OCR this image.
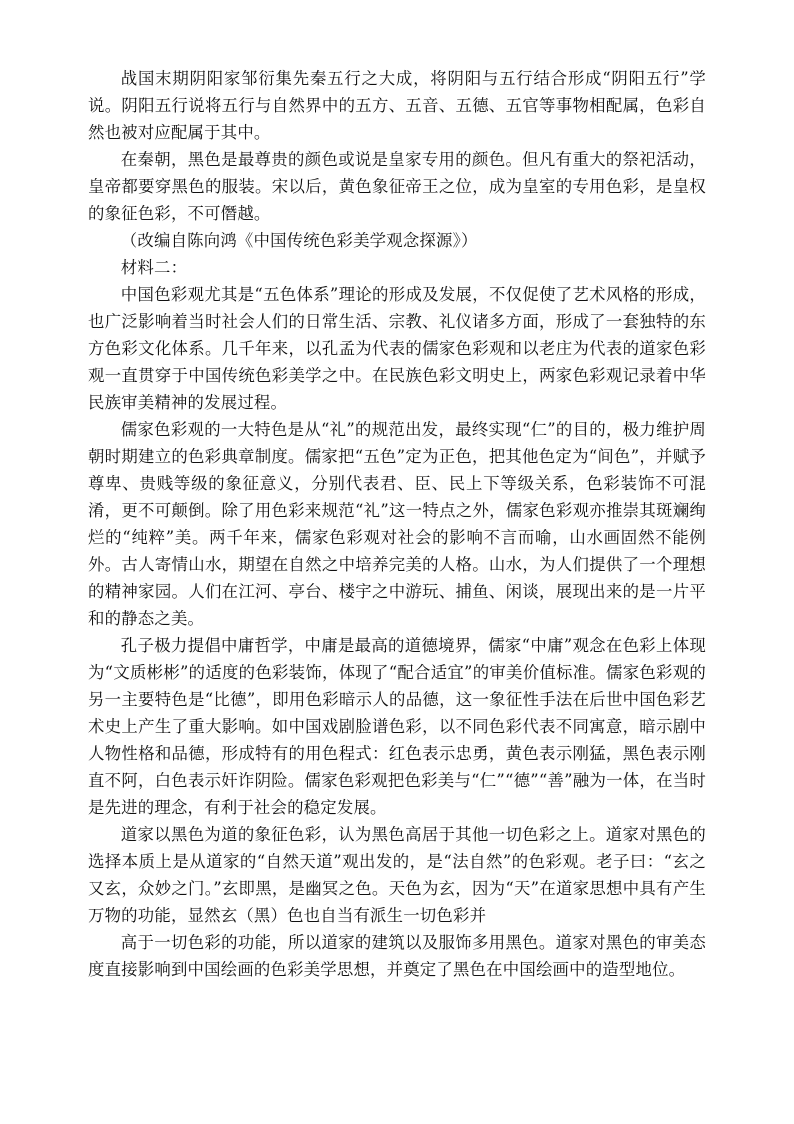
战国末期阴阳家邹衍集先秦五行之大成，将阴阳与五行结合形成“阴阳五行”学说。阴阳五行说将五行与自然界中的五方、五音、五德、五官等事物相配属，色彩自然也被对应配属于其中。

在秦朝，黑色是最尊贵的颜色或说是皇家专用的颜色。但凡有重大的祭祀活动，皇帝都要穿黑色的服装。宋以后，黄色象征帝王之位，成为皇室的专用色彩，是皇权的象征色彩，不可僭越。

（改编自陈向鸿《中国传统色彩美学观念探源》）

材料二：

中国色彩观尤其是“五色体系”理论的形成及发展，不仅促使了艺术风格的形成，也广泛影响着当时社会人们的日常生活、宗教、礼仪诸多方面，形成了一套独特的东方色彩文化体系。几千年来，以孔孟为代表的儒家色彩观和以老庄为代表的道家色彩观一直贯穿于中国传统色彩美学之中。在民族色彩文明史上，两家色彩观记录着中华民族审美精神的发展过程。

儒家色彩观的一大特色是从“礼”的规范出发，最终实现“仁”的目的，极力维护周朝时期建立的色彩典章制度。儒家把“五色”定为正色，把其他色定为“间色”，并赋予尊卑、贵贱等级的象征意义，分别代表君、臣、民上下等级关系，色彩装饰不可混淆，更不可颠倒。除了用色彩来规范“礼”这一特点之外，儒家色彩观亦推崇其斑斓绚烂的“纯粹”美。两千年来，儒家色彩观对社会的影响不言而喻，山水画固然不能例外。古人寄情山水，期望在自然之中培养完美的人格。山水，为人们提供了一个理想的精神家园。人们在江河、亭台、楼宇之中游玩、捕鱼、闲谈，展现出来的是一片平和的静态之美。

孔子极力提倡中庸哲学，中庸是最高的道德境界，儒家“中庸”观念在色彩上体现为“文质彬彬”的适度的色彩装饰，体现了“配合适宜”的审美价值标准。儒家色彩观的另一主要特色是“比德”，即用色彩暗示人的品德，这一象征性手法在后世中国色彩艺术史上产生了重大影响。如中国戏剧脸谱色彩，以不同色彩代表不同寓意，暗示剧中人物性格和品德，形成特有的用色程式：红色表示忠勇，黄色表示刚猛，黑色表示刚直不阿，白色表示奸诈阴险。儒家色彩观把色彩美与“仁”“德”“善”融为一体，在当时是先进的理念，有利于社会的稳定发展。

道家以黑色为道的象征色彩，认为黑色高居于其他一切色彩之上。道家对黑色的选择本质上是从道家的“自然天道”观出发的，是“法自然”的色彩观。老子曰：“玄之又玄，众妙之门。”玄即黑，是幽冥之色。天色为玄，因为“天”在道家思想中具有产生万物的功能，显然玄（黑）色也自当有派生一切色彩并

高于一切色彩的功能，所以道家的建筑以及服饰多用黑色。道家对黑色的审美态度直接影响到中国绘画的色彩美学思想，并奠定了黑色在中国绘画中的造型地位。
